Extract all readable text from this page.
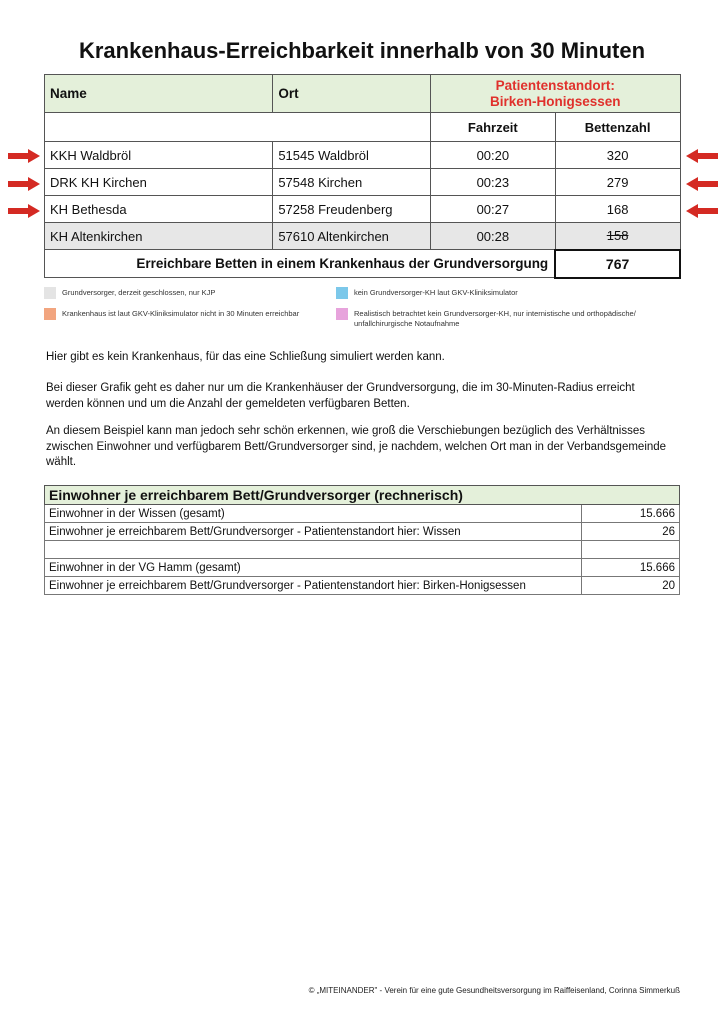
Krankenhaus-Erreichbarkeit innerhalb von 30 Minuten
Name	Ort	Patientenstandort:
Birken-Honigsessen	

		Fahrzeit	Bettenzahl
KKH Waldbröl	51545 Waldbröl	00:20	320
DRK KH Kirchen	57548 Kirchen	00:23	279
KH Bethesda	57258 Freudenberg	00:27	168
KH Altenkirchen	57610 Altenkirchen	00:28	158
Erreichbare Betten in einem Krankenhaus der Grundversorgung			767
Grundversorger, derzeit geschlossen, nur KJP	kein Grundversorger-KH laut GKV-Kliniksimulator
Krankenhaus ist laut GKV-Kliniksimulator nicht in 30 Minuten erreichbar	Realistisch betrachtet kein Grundversorger-KH, nur internistische und orthopädische/
unfallchirurgische Notaufnahme
Hier gibt es kein Krankenhaus, für das eine Schließung simuliert werden kann.
Bei dieser Grafik geht es daher nur um die Krankenhäuser der Grundversorgung, die im 30-Minuten-Radius erreicht werden können und um die Anzahl der gemeldeten verfügbaren Betten.
An diesem Beispiel kann man jedoch sehr schön erkennen, wie groß die Verschiebungen bezüglich des Verhältnisses zwischen Einwohner und verfügbarem Bett/Grundversorger sind, je nachdem, welchen Ort man in der Verbandsgemeinde wählt.
Einwohner je erreichbarem Bett/Grundversorger (rechnerisch)	
Einwohner in der Wissen (gesamt)	15.666
Einwohner je erreichbarem Bett/Grundversorger - Patientenstandort hier: Wissen	26

Einwohner in der VG Hamm (gesamt)	15.666
Einwohner je erreichbarem Bett/Grundversorger - Patientenstandort hier: Birken-Honigsessen	20
© „MITEINANDER" - Verein für eine gute Gesundheitsversorgung im Raiffeisenland, Corinna Simmerkuß
